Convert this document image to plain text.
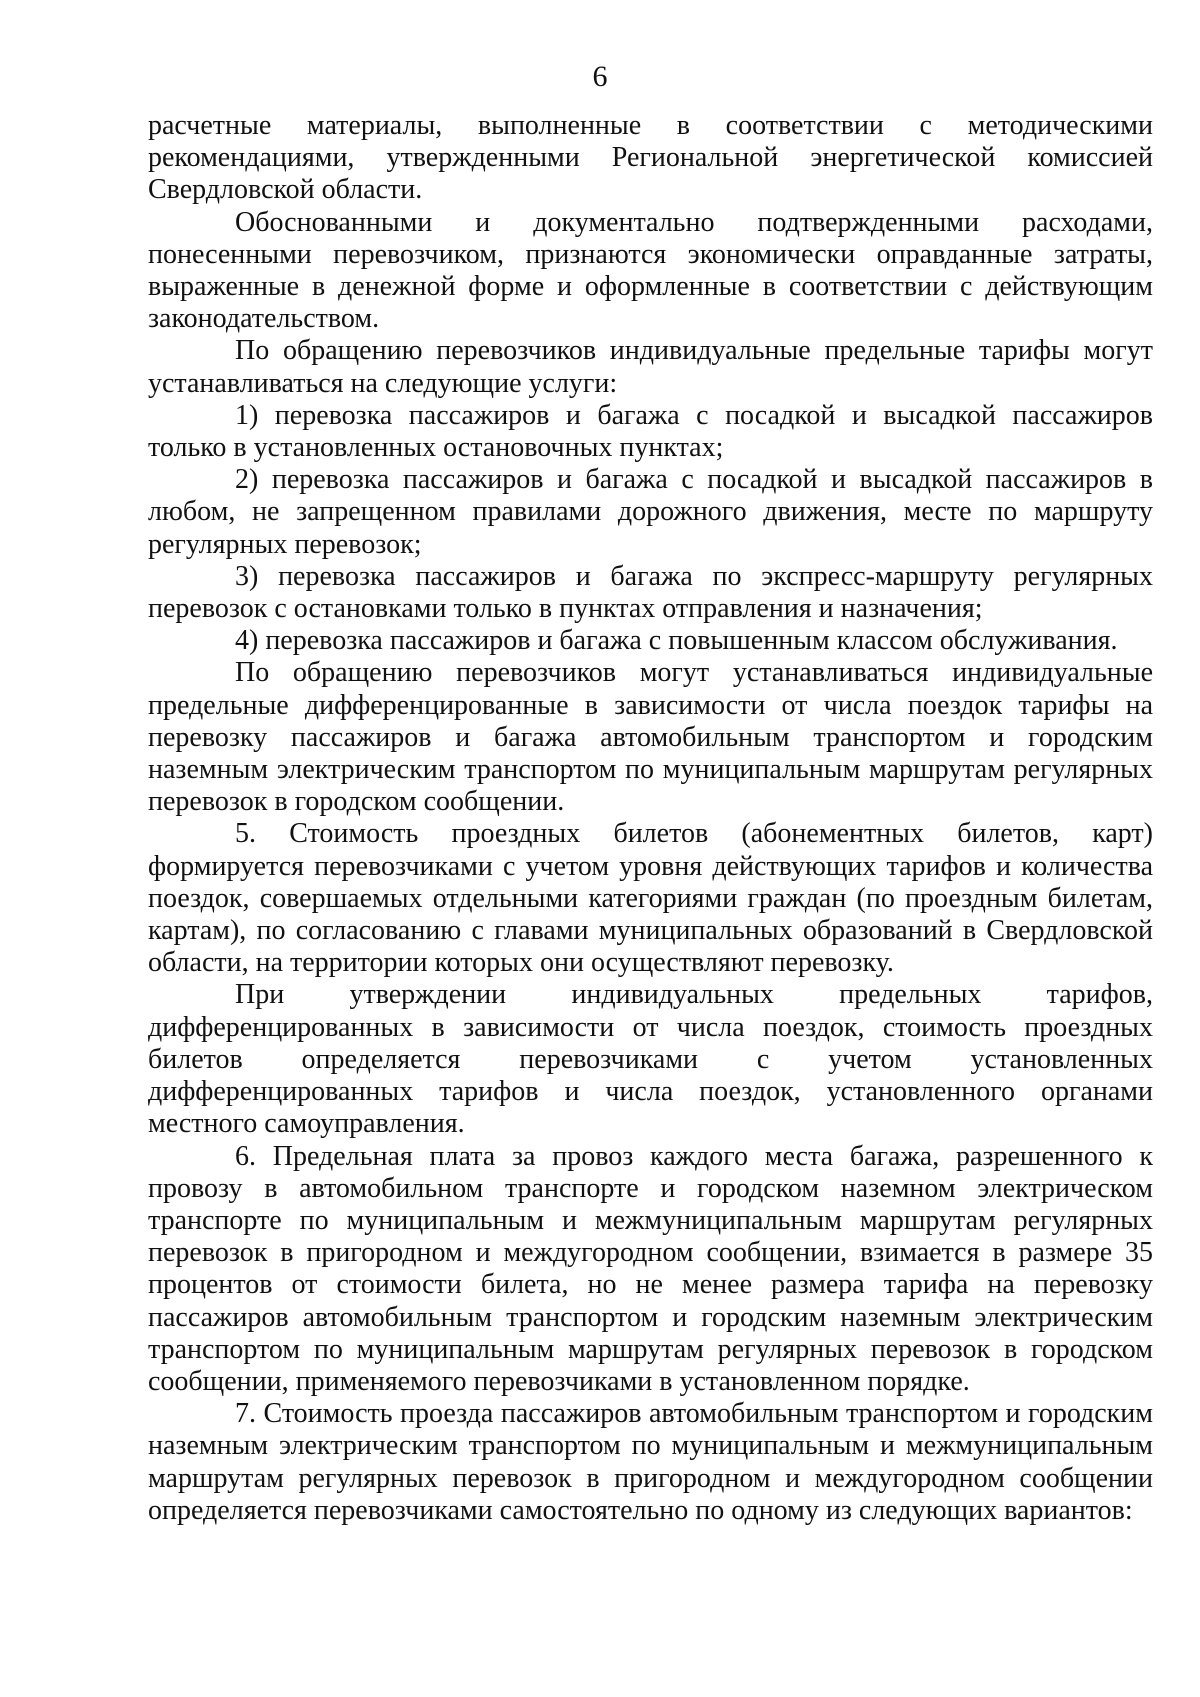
6

расчетные материалы, выполненные в соответствии с методическими рекомендациями, утвержденными Региональной энергетической комиссией Свердловской области.

Обоснованными и документально подтвержденными расходами, понесенными перевозчиком, признаются экономически оправданные затраты, выраженные в денежной форме и оформленные в соответствии с действующим законодательством.

По обращению перевозчиков индивидуальные предельные тарифы могут устанавливаться на следующие услуги:

1) перевозка пассажиров и багажа с посадкой и высадкой пассажиров только в установленных остановочных пунктах;

2) перевозка пассажиров и багажа с посадкой и высадкой пассажиров в любом, не запрещенном правилами дорожного движения, месте по маршруту регулярных перевозок;

3) перевозка пассажиров и багажа по экспресс-маршруту регулярных перевозок с остановками только в пунктах отправления и назначения;

4) перевозка пассажиров и багажа с повышенным классом обслуживания.

По обращению перевозчиков могут устанавливаться индивидуальные предельные дифференцированные в зависимости от числа поездок тарифы на перевозку пассажиров и багажа автомобильным транспортом и городским наземным электрическим транспортом по муниципальным маршрутам регулярных перевозок в городском сообщении.

5. Стоимость проездных билетов (абонементных билетов, карт) формируется перевозчиками с учетом уровня действующих тарифов и количества поездок, совершаемых отдельными категориями граждан (по проездным билетам, картам), по согласованию с главами муниципальных образований в Свердловской области, на территории которых они осуществляют перевозку.

При утверждении индивидуальных предельных тарифов, дифференцированных в зависимости от числа поездок, стоимость проездных билетов определяется перевозчиками с учетом установленных дифференцированных тарифов и числа поездок, установленного органами местного самоуправления.

6. Предельная плата за провоз каждого места багажа, разрешенного к провозу в автомобильном транспорте и городском наземном электрическом транспорте по муниципальным и межмуниципальным маршрутам регулярных перевозок в пригородном и междугородном сообщении, взимается в размере 35 процентов от стоимости билета, но не менее размера тарифа на перевозку пассажиров автомобильным транспортом и городским наземным электрическим транспортом по муниципальным маршрутам регулярных перевозок в городском сообщении, применяемого перевозчиками в установленном порядке.

7. Стоимость проезда пассажиров автомобильным транспортом и городским наземным электрическим транспортом по муниципальным и межмуниципальным маршрутам регулярных перевозок в пригородном и междугородном сообщении определяется перевозчиками самостоятельно по одному из следующих вариантов:
